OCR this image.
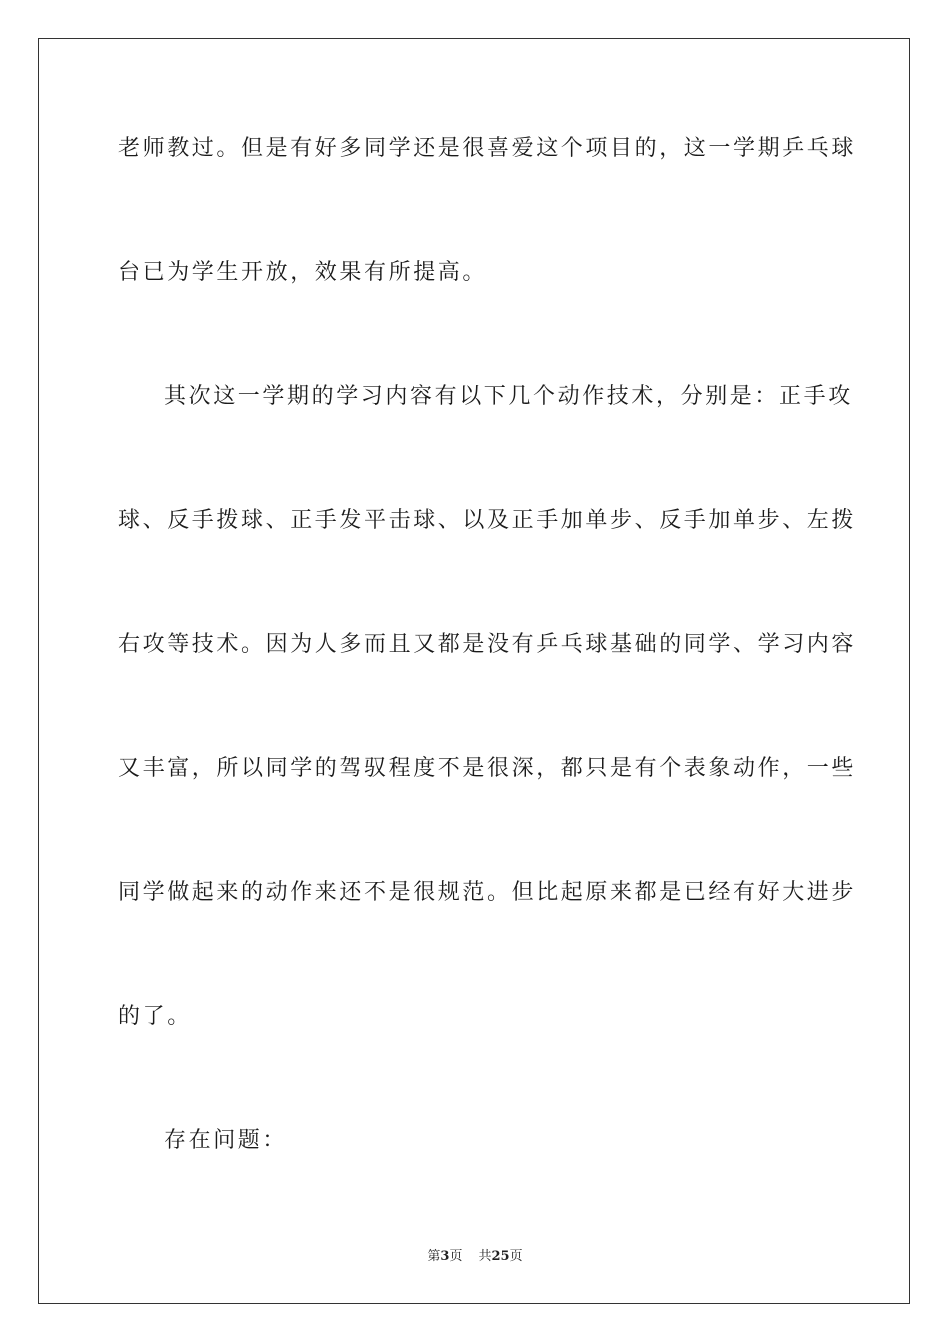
老师教过。但是有好多同学还是很喜爱这个项目的，这一学期乒乓球
台已为学生开放，效果有所提高。
其次这一学期的学习内容有以下几个动作技术，分别是：正手攻
球、反手拨球、正手发平击球、以及正手加单步、反手加单步、左拨
右攻等技术。因为人多而且又都是没有乒乓球基础的同学、学习内容
又丰富，所以同学的驾驭程度不是很深，都只是有个表象动作，一些
同学做起来的动作来还不是很规范。但比起原来都是已经有好大进步
的了。
存在问题：
第3页 共25页
